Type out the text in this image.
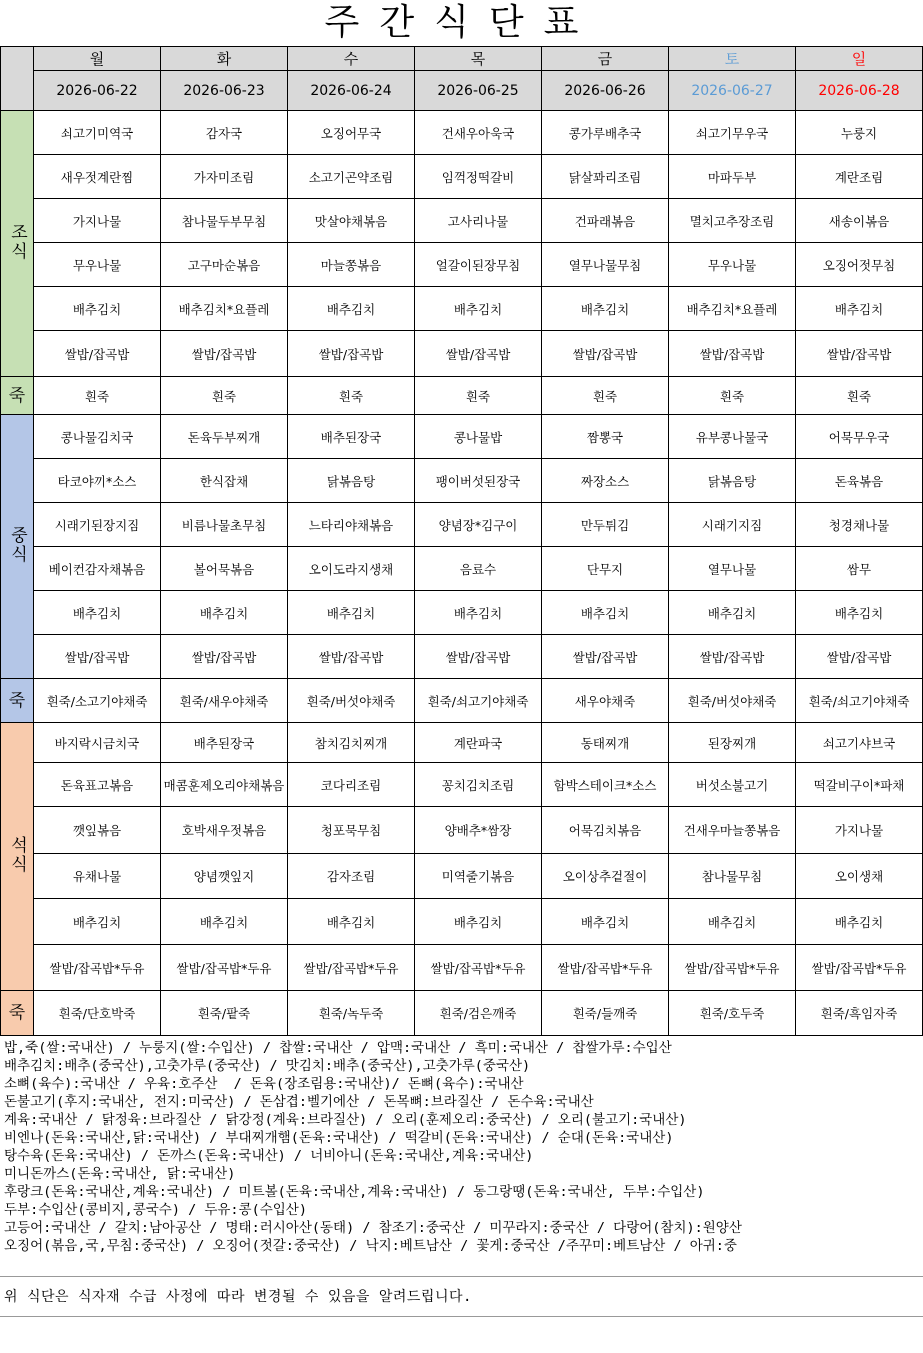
주간식단표
	월	화	수	목	금	토	일
	2026-06-22	2026-06-23	2026-06-24	2026-06-25	2026-06-26	2026-06-27	2026-06-28
조식	쇠고기미역국	감자국	오징어무국	건새우아욱국	콩가루배추국	쇠고기무우국	누룽지
	새우젓계란찜	가자미조림	소고기곤약조림	임꺽정떡갈비	닭살꽈리조림	마파두부	계란조림
	가지나물	참나물두부무침	맛살야채볶음	고사리나물	건파래볶음	멸치고추장조림	새송이볶음
	무우나물	고구마순볶음	마늘쫑볶음	얼갈이된장무침	열무나물무침	무우나물	오징어젓무침
	배추김치	배추김치*요플레	배추김치	배추김치	배추김치	배추김치*요플레	배추김치
	쌀밥/잡곡밥	쌀밥/잡곡밥	쌀밥/잡곡밥	쌀밥/잡곡밥	쌀밥/잡곡밥	쌀밥/잡곡밥	쌀밥/잡곡밥
죽	흰죽	흰죽	흰죽	흰죽	흰죽	흰죽	흰죽
중식	콩나물김치국	돈육두부찌개	배추된장국	콩나물밥	짬뽕국	유부콩나물국	어묵무우국
	타코야끼*소스	한식잡채	닭볶음탕	팽이버섯된장국	짜장소스	닭볶음탕	돈육볶음
	시래기된장지짐	비름나물초무침	느타리야채볶음	양념장*김구이	만두튀김	시래기지짐	청경채나물
	베이컨감자채볶음	볼어묵볶음	오이도라지생채	음료수	단무지	열무나물	쌈무
	배추김치	배추김치	배추김치	배추김치	배추김치	배추김치	배추김치
	쌀밥/잡곡밥	쌀밥/잡곡밥	쌀밥/잡곡밥	쌀밥/잡곡밥	쌀밥/잡곡밥	쌀밥/잡곡밥	쌀밥/잡곡밥
죽	흰죽/소고기야채죽	흰죽/새우야채죽	흰죽/버섯야채죽	흰죽/쇠고기야채죽	새우야채죽	흰죽/버섯야채죽	흰죽/쇠고기야채죽
석식	바지락시금치국	배추된장국	참치김치찌개	계란파국	동태찌개	된장찌개	쇠고기샤브국
	돈육표고볶음	매콤훈제오리야채볶음	코다리조림	꽁치김치조림	함박스테이크*소스	버섯소불고기	떡갈비구이*파채
	깻잎볶음	호박새우젓볶음	청포묵무침	양배추*쌈장	어묵김치볶음	건새우마늘쫑볶음	가지나물
	유채나물	양념깻잎지	감자조림	미역줄기볶음	오이상추겉절이	참나물무침	오이생채
	배추김치	배추김치	배추김치	배추김치	배추김치	배추김치	배추김치
	쌀밥/잡곡밥*두유	쌀밥/잡곡밥*두유	쌀밥/잡곡밥*두유	쌀밥/잡곡밥*두유	쌀밥/잡곡밥*두유	쌀밥/잡곡밥*두유	쌀밥/잡곡밥*두유
죽	흰죽/단호박죽	흰죽/팥죽	흰죽/녹두죽	흰죽/검은깨죽	흰죽/들깨죽	흰죽/호두죽	흰죽/흑임자죽
밥,죽(쌀:국내산) / 누룽지(쌀:수입산) / 찹쌀:국내산 / 압맥:국내산 / 흑미:국내산 / 찹쌀가루:수입산
배추김치:배추(중국산),고춧가루(중국산) / 맛김치:배추(중국산),고춧가루(중국산)
소뼈(육수):국내산 / 우육:호주산  / 돈육(장조림용:국내산)/ 돈뼈(육수):국내산
돈불고기(후지:국내산, 전지:미국산) / 돈삼겹:벨기에산 / 돈목뼈:브라질산 / 돈수육:국내산
계육:국내산 / 닭정육:브라질산 / 닭강정(계육:브라질산) / 오리(훈제오리:중국산) / 오리(불고기:국내산)
비엔나(돈육:국내산,닭:국내산) / 부대찌개햄(돈육:국내산) / 떡갈비(돈육:국내산) / 순대(돈육:국내산)
탕수육(돈육:국내산) / 돈까스(돈육:국내산) / 너비아니(돈육:국내산,계육:국내산)
미니돈까스(돈육:국내산, 닭:국내산)
후랑크(돈육:국내산,계육:국내산) / 미트볼(돈육:국내산,계육:국내산) / 동그랑땡(돈육:국내산, 두부:수입산)
두부:수입산(콩비지,콩국수) / 두유:콩(수입산)
고등어:국내산 / 갈치:남아공산 / 명태:러시아산(동태) / 참조기:중국산 / 미꾸라지:중국산 / 다랑어(참치):원양산
오징어(볶음,국,무침:중국산) / 오징어(젓갈:중국산) / 낙지:베트남산 / 꽃게:중국산 /주꾸미:베트남산 / 아귀:중
위 식단은 식자재 수급 사정에 따라 변경될 수 있음을 알려드립니다.
